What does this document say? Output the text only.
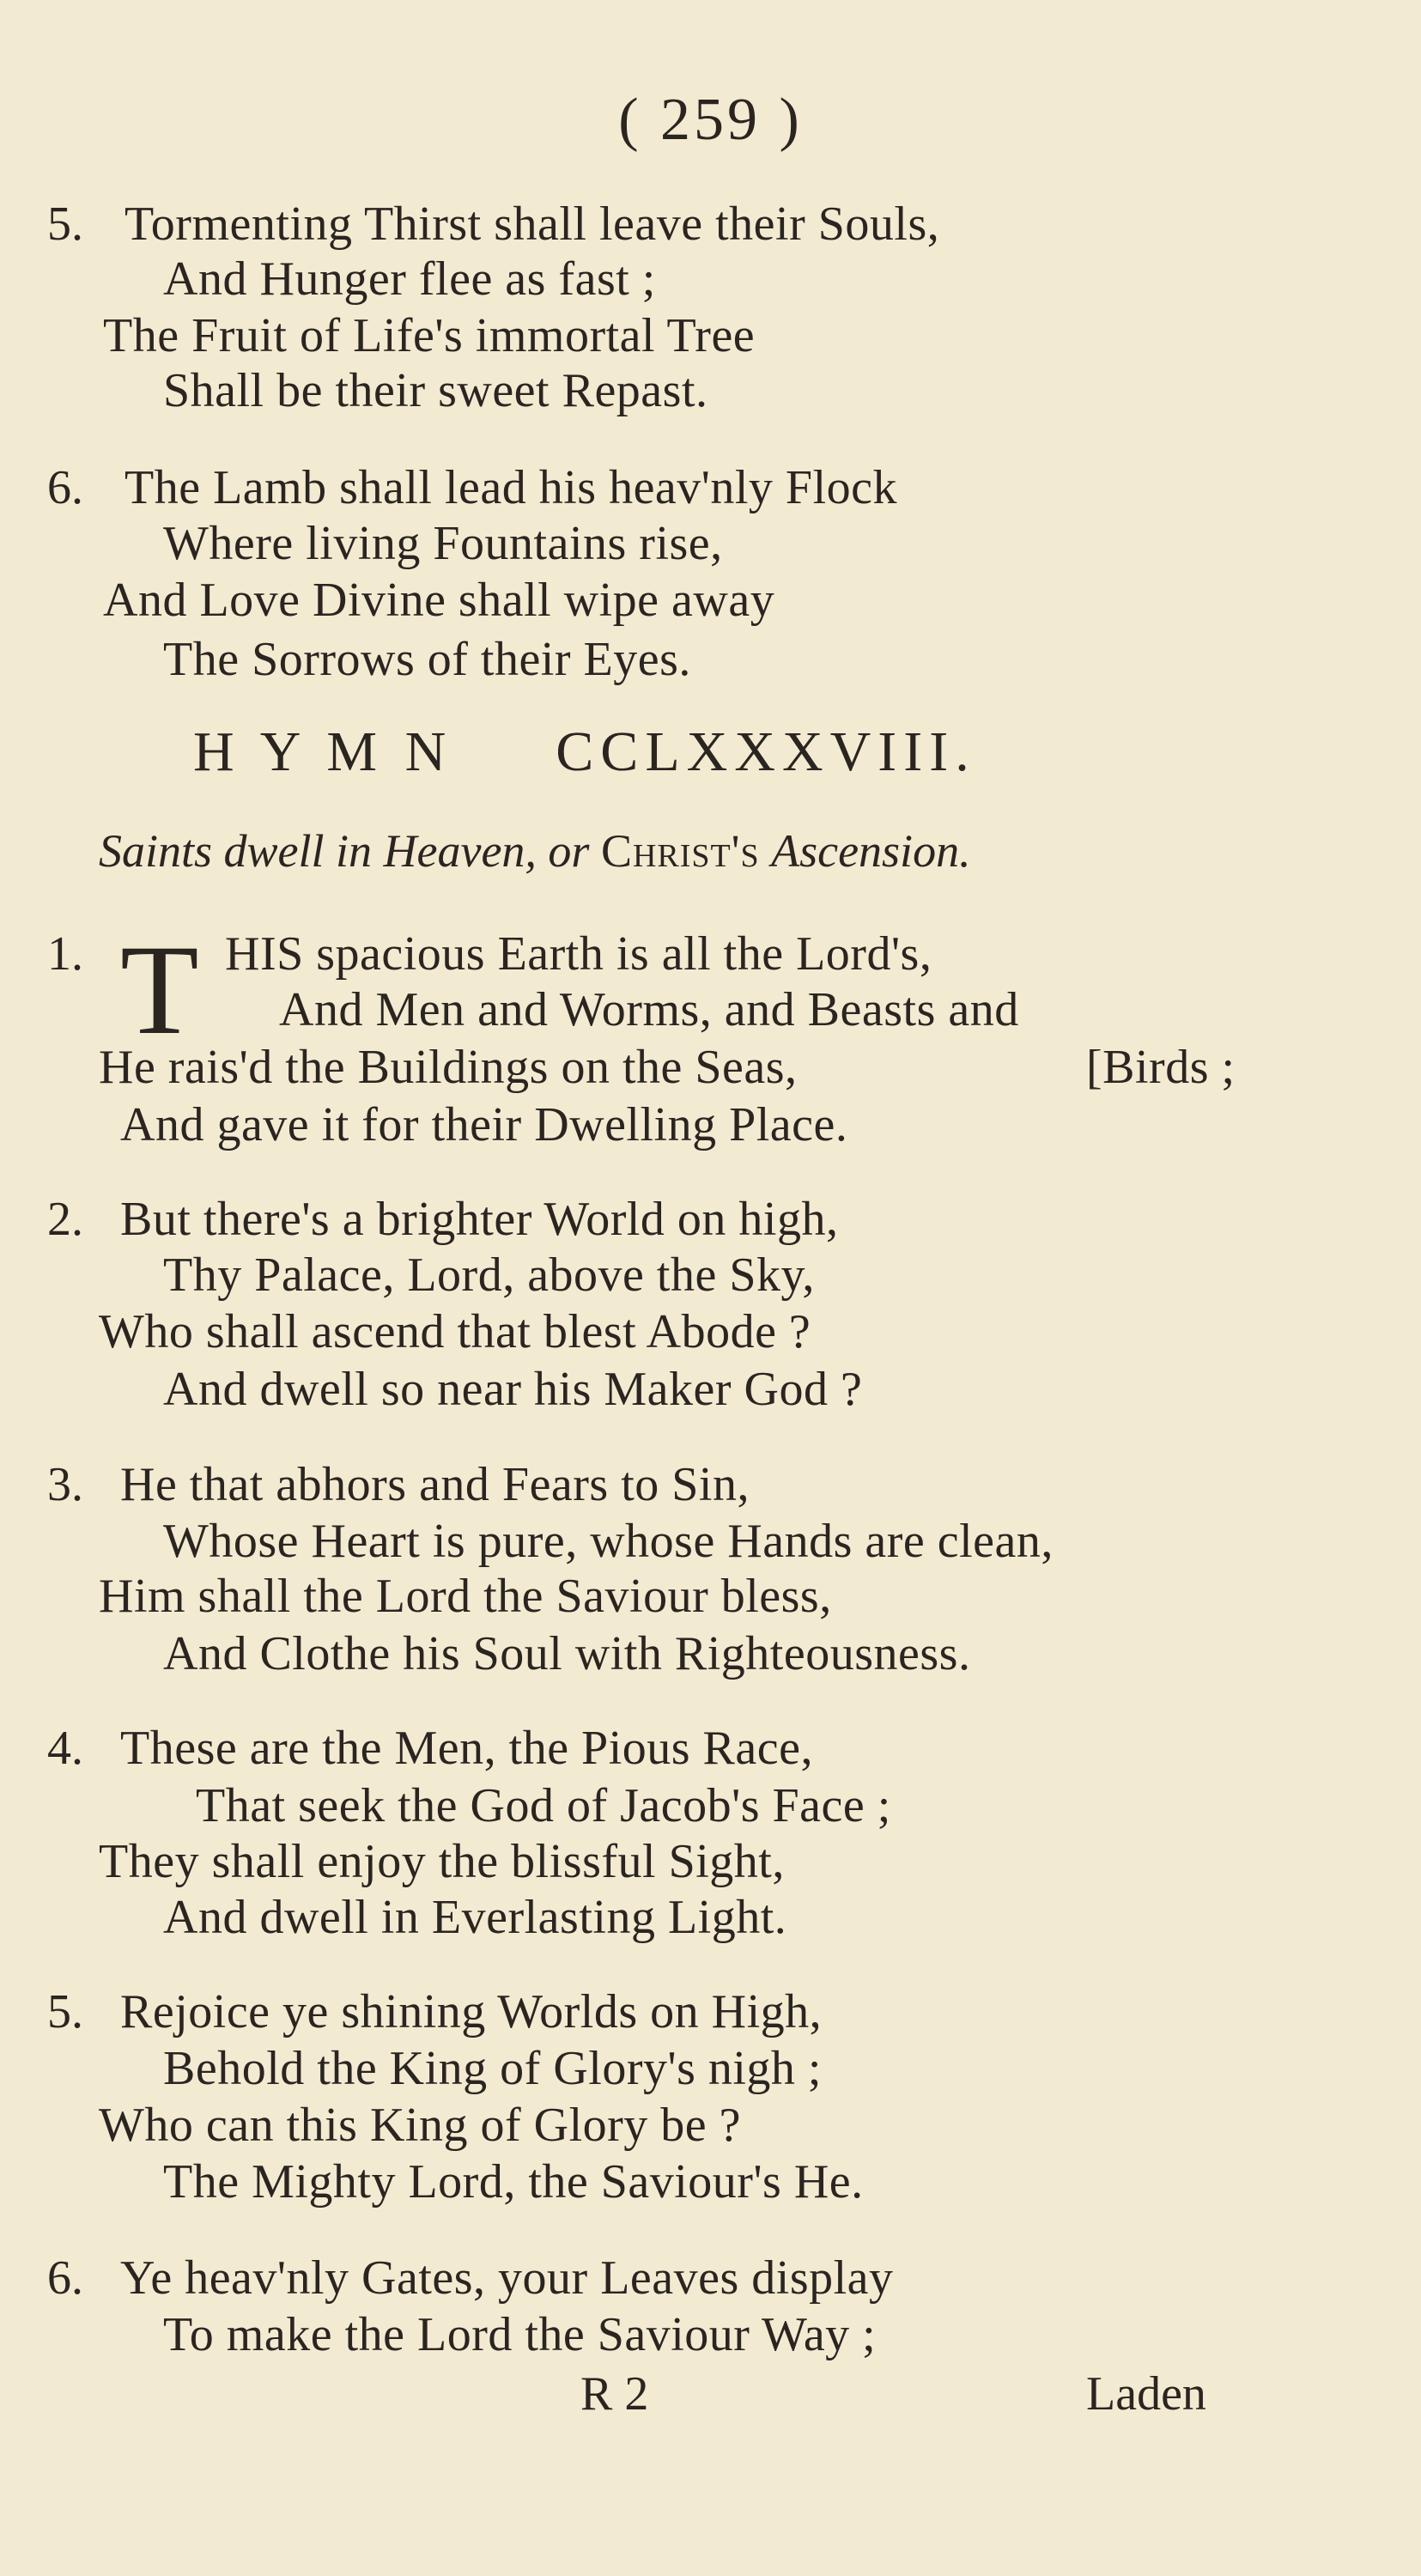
( 259 )
5. Tormenting Thirst shall leave their Souls,
And Hunger flee as fast ;
The Fruit of Life's immortal Tree
Shall be their sweet Repast.
6. The Lamb shall lead his heav'nly Flock
Where living Fountains rise,
And Love Divine shall wipe away
The Sorrows of their Eyes.
H Y M N CCLXXXVIII.
Saints dwell in Heaven, or Christ's Ascension.
1. T HIS spacious Earth is all the Lord's,
And Men and Worms, and Beasts and
He rais'd the Buildings on the Seas,	[Birds ;
And gave it for their Dwelling Place.
2. But there's a brighter World on high,
Thy Palace, Lord, above the Sky,
Who shall ascend that blest Abode ?
And dwell so near his Maker God ?
3. He that abhors and Fears to Sin,
Whose Heart is pure, whose Hands are clean,
Him shall the Lord the Saviour bless,
And Clothe his Soul with Righteousness.
4. These are the Men, the Pious Race,
That seek the God of Jacob's Face ;
They shall enjoy the blissful Sight,
And dwell in Everlasting Light.
5. Rejoice ye shining Worlds on High,
Behold the King of Glory's nigh ;
Who can this King of Glory be ?
The Mighty Lord, the Saviour's He.
6. Ye heav'nly Gates, your Leaves display
To make the Lord the Saviour Way ;
R 2	Laden
